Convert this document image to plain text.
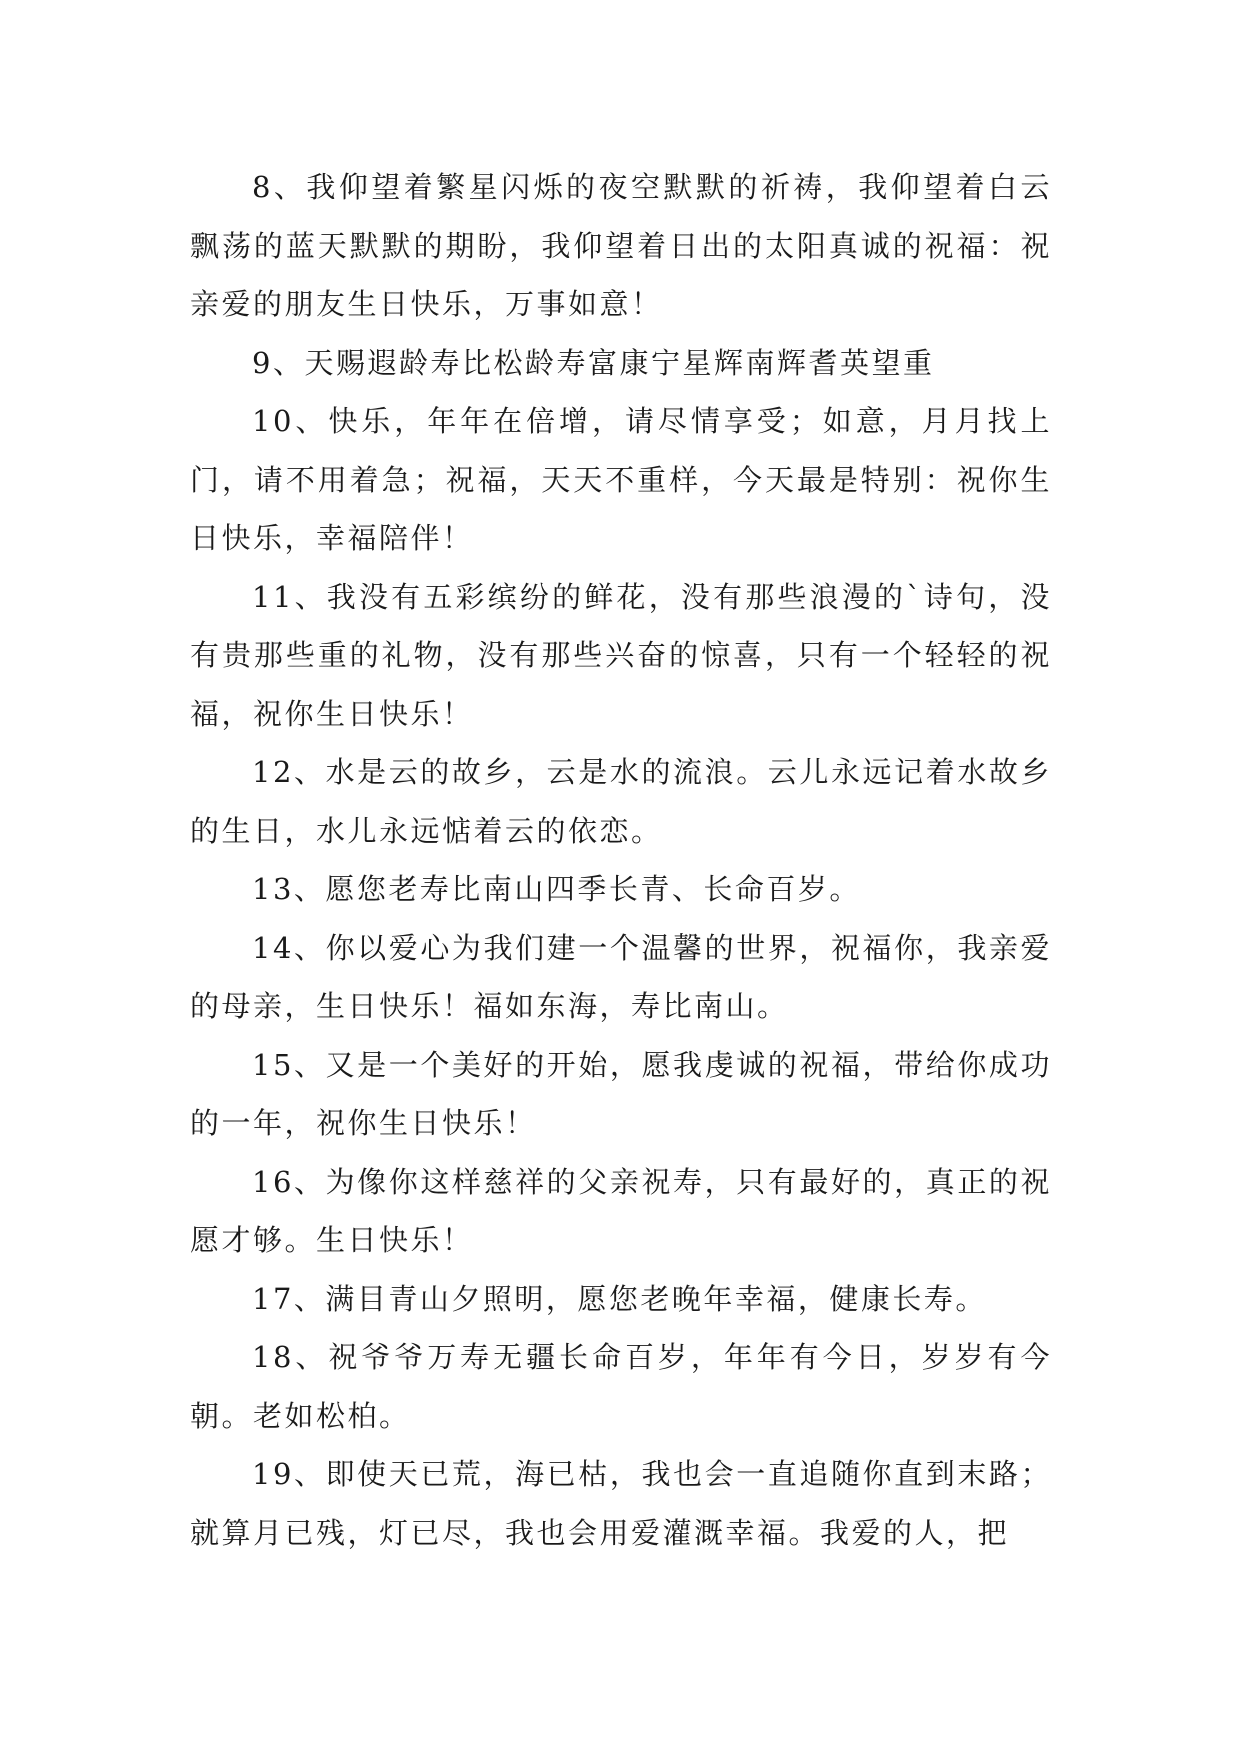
8、我仰望着繁星闪烁的夜空默默的祈祷，我仰望着白云飘荡的蓝天默默的期盼，我仰望着日出的太阳真诚的祝福：祝亲爱的朋友生日快乐，万事如意！

9、天赐遐龄寿比松龄寿富康宁星辉南辉耆英望重

10、快乐，年年在倍增，请尽情享受；如意，月月找上门，请不用着急；祝福，天天不重样，今天最是特别：祝你生日快乐，幸福陪伴！

11、我没有五彩缤纷的鲜花，没有那些浪漫的`诗句，没有贵那些重的礼物，没有那些兴奋的惊喜，只有一个轻轻的祝福，祝你生日快乐！

12、水是云的故乡，云是水的流浪。云儿永远记着水故乡的生日，水儿永远惦着云的依恋。

13、愿您老寿比南山四季长青、长命百岁。

14、你以爱心为我们建一个温馨的世界，祝福你，我亲爱的母亲，生日快乐！福如东海，寿比南山。

15、又是一个美好的开始，愿我虔诚的祝福，带给你成功的一年，祝你生日快乐！

16、为像你这样慈祥的父亲祝寿，只有最好的，真正的祝愿才够。生日快乐！

17、满目青山夕照明，愿您老晚年幸福，健康长寿。

18、祝爷爷万寿无疆长命百岁，年年有今日，岁岁有今朝。老如松柏。

19、即使天已荒，海已枯，我也会一直追随你直到末路；就算月已残，灯已尽，我也会用爱灌溉幸福。我爱的人，把
